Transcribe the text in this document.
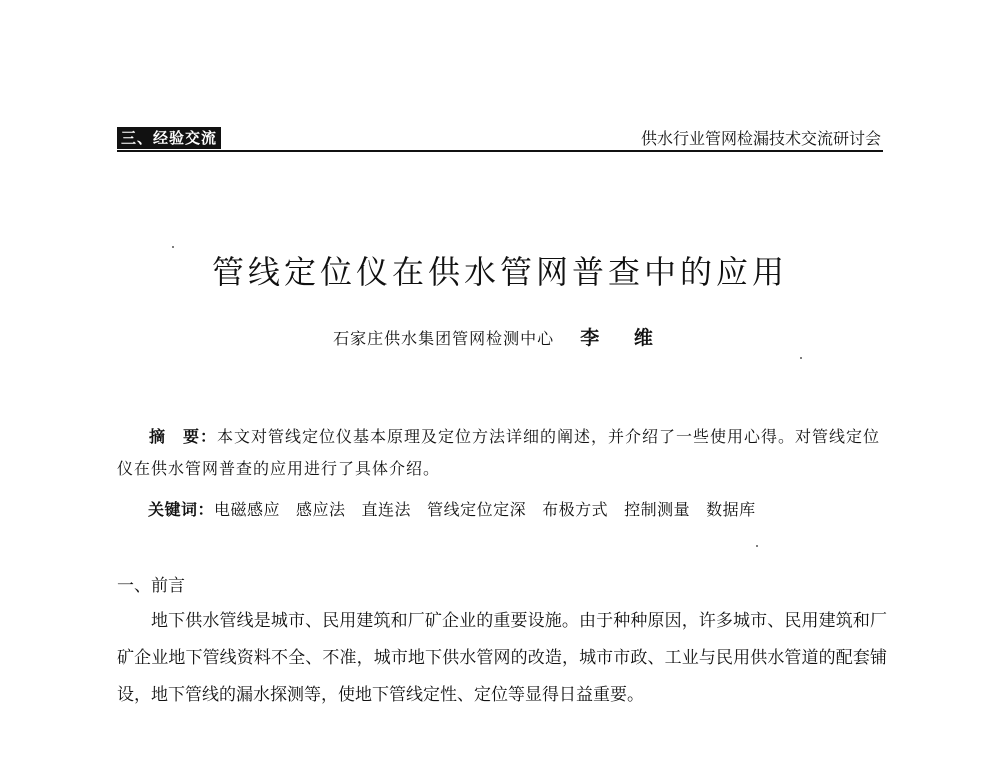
三、经验交流	供水行业管网检漏技术交流研讨会
管线定位仪在供水管网普查中的应用
石家庄供水集团管网检测中心 李 维

摘　要：本文对管线定位仪基本原理及定位方法详细的阐述，并介绍了一些使用心得。对管线定位仪在供水管网普查的应用进行了具体介绍。

关键词：电磁感应 感应法 直连法 管线定位定深 布极方式 控制测量 数据库
一、前言

地下供水管线是城市、民用建筑和厂矿企业的重要设施。由于种种原因，许多城市、民用建筑和厂矿企业地下管线资料不全、不准，城市地下供水管网的改造，城市市政、工业与民用供水管道的配套铺设，地下管线的漏水探测等，使地下管线定性、定位等显得日益重要。
